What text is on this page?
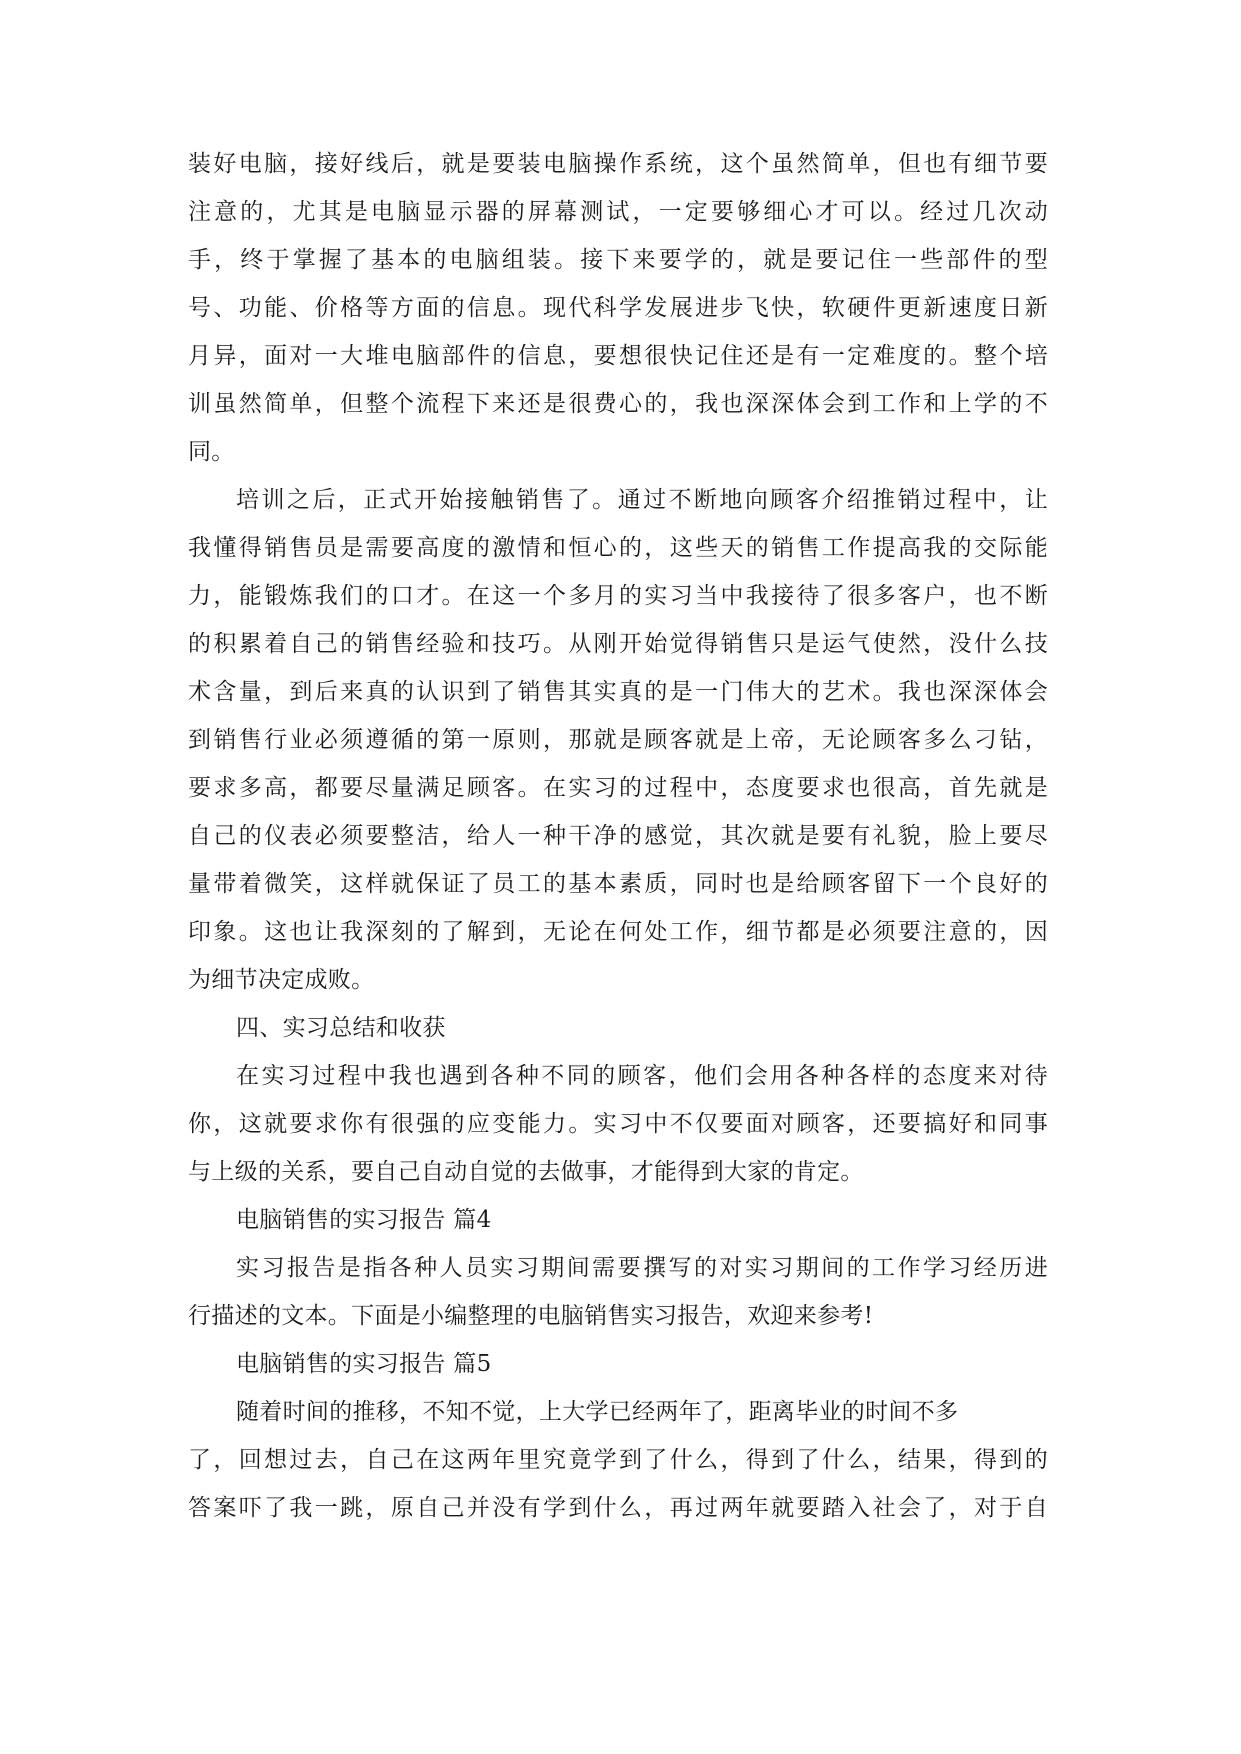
装好电脑，接好线后，就是要装电脑操作系统，这个虽然简单，但也有细节要
注意的，尤其是电脑显示器的屏幕测试，一定要够细心才可以。经过几次动
手，终于掌握了基本的电脑组装。接下来要学的，就是要记住一些部件的型
号、功能、价格等方面的信息。现代科学发展进步飞快，软硬件更新速度日新
月异，面对一大堆电脑部件的信息，要想很快记住还是有一定难度的。整个培
训虽然简单，但整个流程下来还是很费心的，我也深深体会到工作和上学的不
同。
培训之后，正式开始接触销售了。通过不断地向顾客介绍推销过程中，让
我懂得销售员是需要高度的激情和恒心的，这些天的销售工作提高我的交际能
力，能锻炼我们的口才。在这一个多月的实习当中我接待了很多客户，也不断
的积累着自己的销售经验和技巧。从刚开始觉得销售只是运气使然，没什么技
术含量，到后来真的认识到了销售其实真的是一门伟大的艺术。我也深深体会
到销售行业必须遵循的第一原则，那就是顾客就是上帝，无论顾客多么刁钻，
要求多高，都要尽量满足顾客。在实习的过程中，态度要求也很高，首先就是
自己的仪表必须要整洁，给人一种干净的感觉，其次就是要有礼貌，脸上要尽
量带着微笑，这样就保证了员工的基本素质，同时也是给顾客留下一个良好的
印象。这也让我深刻的了解到，无论在何处工作，细节都是必须要注意的，因
为细节决定成败。
四、实习总结和收获
在实习过程中我也遇到各种不同的顾客，他们会用各种各样的态度来对待
你，这就要求你有很强的应变能力。实习中不仅要面对顾客，还要搞好和同事
与上级的关系，要自己自动自觉的去做事，才能得到大家的肯定。
电脑销售的实习报告 篇4
实习报告是指各种人员实习期间需要撰写的对实习期间的工作学习经历进
行描述的文本。下面是小编整理的电脑销售实习报告，欢迎来参考!
电脑销售的实习报告 篇5
随着时间的推移，不知不觉，上大学已经两年了，距离毕业的时间不多
了，回想过去，自己在这两年里究竟学到了什么，得到了什么，结果，得到的
答案吓了我一跳，原自己并没有学到什么，再过两年就要踏入社会了，对于自
